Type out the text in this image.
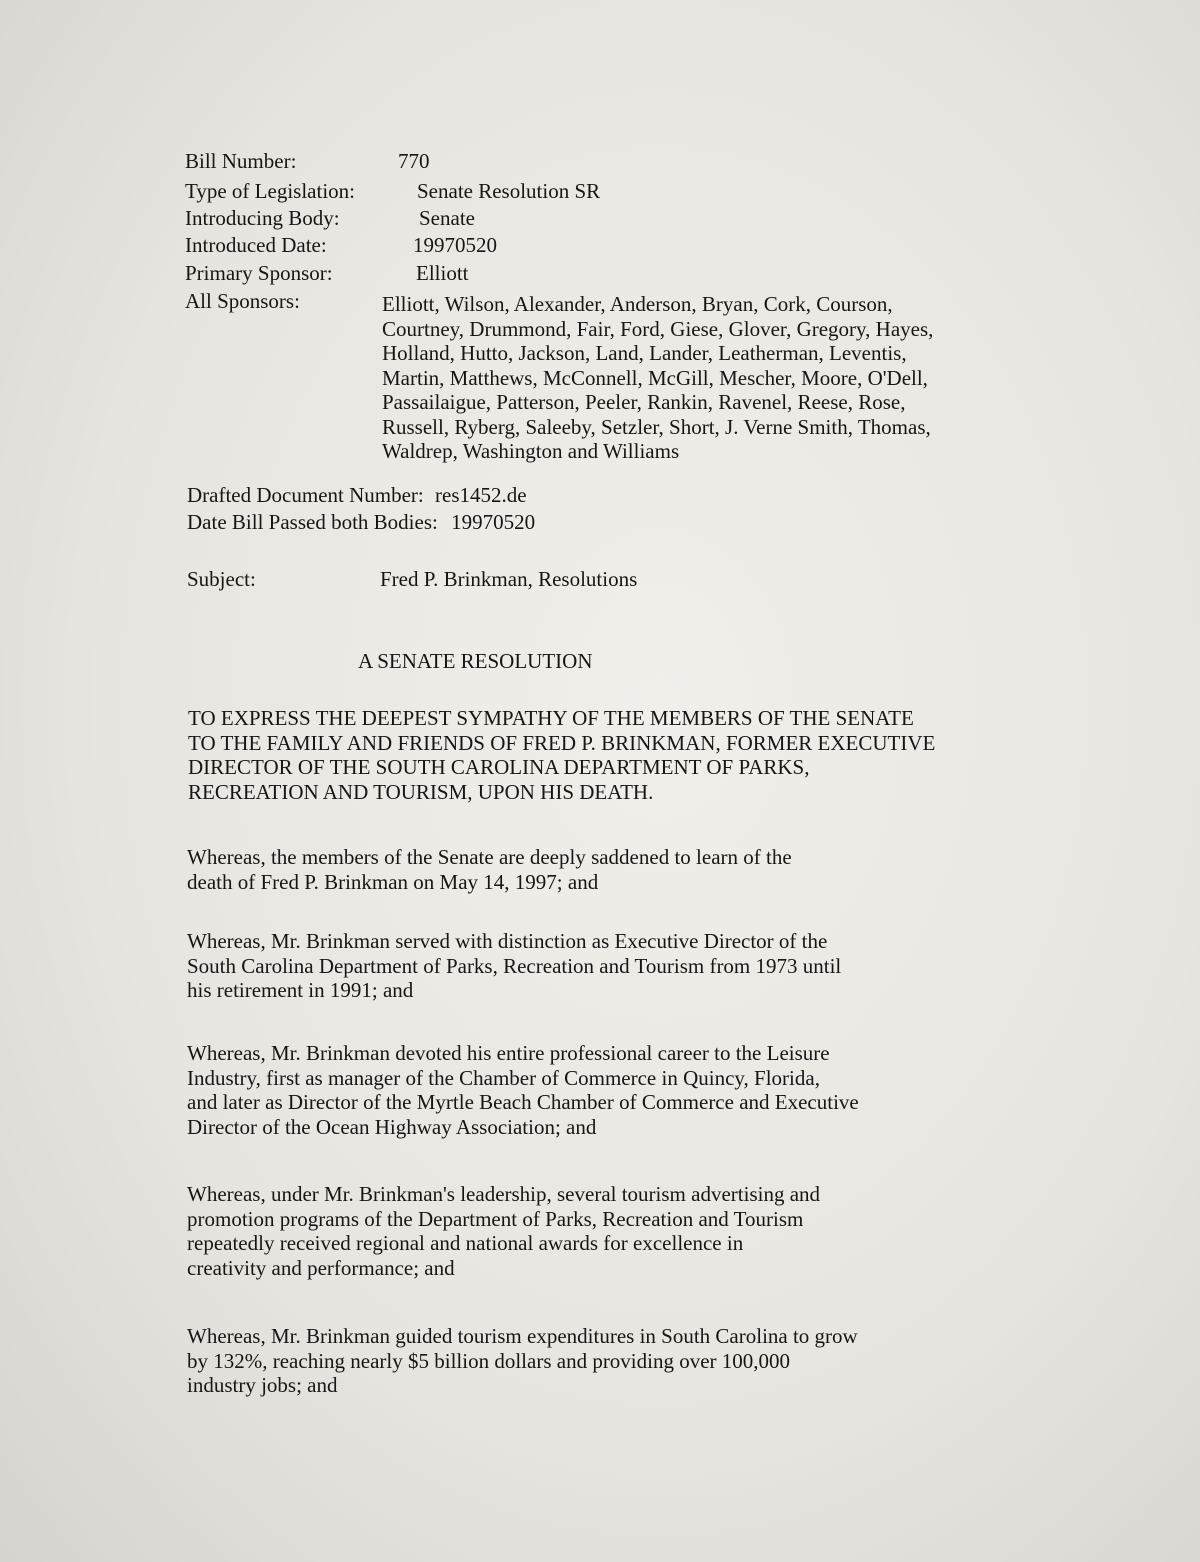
Bill Number:	770
Type of Legislation:	Senate Resolution SR
Introducing Body:	Senate
Introduced Date:	19970520
Primary Sponsor:	Elliott
All Sponsors:	Elliott, Wilson, Alexander, Anderson, Bryan, Cork, Courson,
Courtney, Drummond, Fair, Ford, Giese, Glover, Gregory, Hayes,
Holland, Hutto, Jackson, Land, Lander, Leatherman, Leventis,
Martin, Matthews, McConnell, McGill, Mescher, Moore, O'Dell,
Passailaigue, Patterson, Peeler, Rankin, Ravenel, Reese, Rose,
Russell, Ryberg, Saleeby, Setzler, Short, J. Verne Smith, Thomas,
Waldrep, Washington and Williams
Drafted Document Number: res1452.de
Date Bill Passed both Bodies: 19970520
Subject:	Fred P. Brinkman, Resolutions
A SENATE RESOLUTION
TO EXPRESS THE DEEPEST SYMPATHY OF THE MEMBERS OF THE SENATE
TO THE FAMILY AND FRIENDS OF FRED P. BRINKMAN, FORMER EXECUTIVE
DIRECTOR OF THE SOUTH CAROLINA DEPARTMENT OF PARKS,
RECREATION AND TOURISM, UPON HIS DEATH.
Whereas, the members of the Senate are deeply saddened to learn of the
death of Fred P. Brinkman on May 14, 1997; and
Whereas, Mr. Brinkman served with distinction as Executive Director of the
South Carolina Department of Parks, Recreation and Tourism from 1973 until
his retirement in 1991; and
Whereas, Mr. Brinkman devoted his entire professional career to the Leisure
Industry, first as manager of the Chamber of Commerce in Quincy, Florida,
and later as Director of the Myrtle Beach Chamber of Commerce and Executive
Director of the Ocean Highway Association; and
Whereas, under Mr. Brinkman's leadership, several tourism advertising and
promotion programs of the Department of Parks, Recreation and Tourism
repeatedly received regional and national awards for excellence in
creativity and performance; and
Whereas, Mr. Brinkman guided tourism expenditures in South Carolina to grow
by 132%, reaching nearly $5 billion dollars and providing over 100,000
industry jobs; and
